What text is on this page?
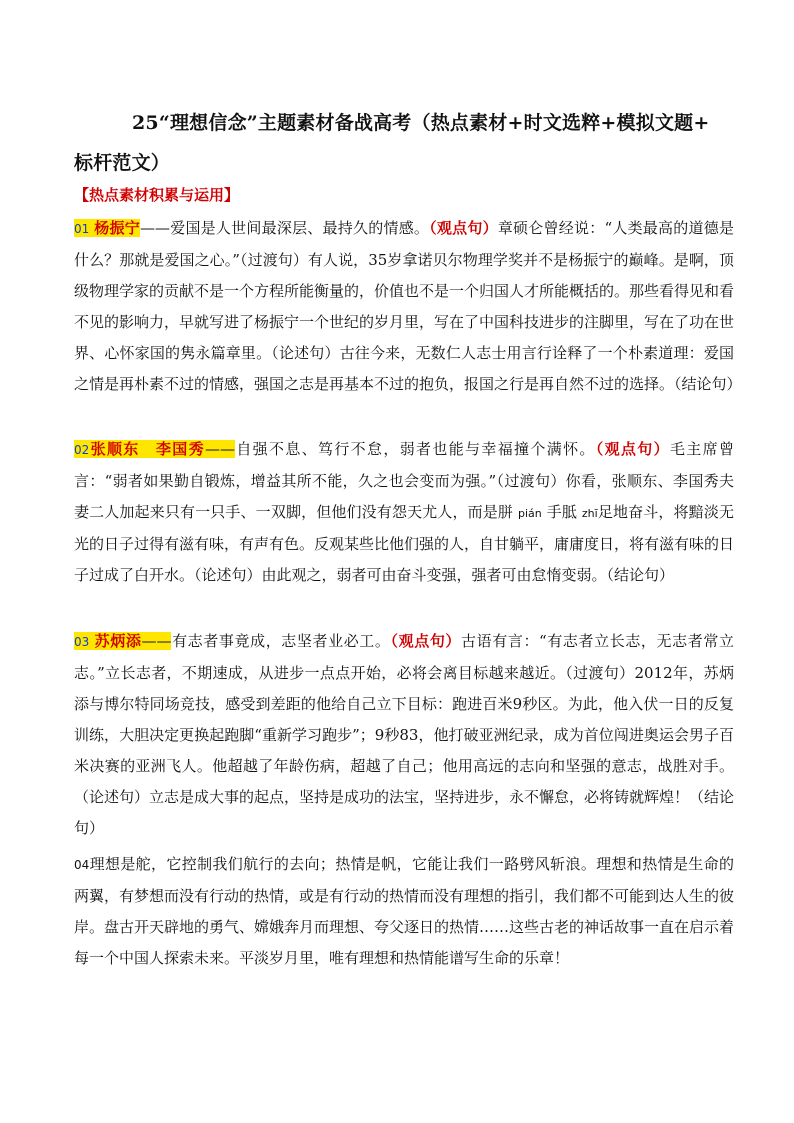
25“理想信念”主题素材备战高考（热点素材+时文选粹+模拟文题+
标杆范文）
【热点素材积累与运用】
01 杨振宁——爱国是人世间最深层、最持久的情感。（观点句）章硕仑曾经说：“人类最高的道德是什么？那就是爱国之心。”（过渡句）有人说，35岁拿诺贝尔物理学奖并不是杨振宁的巅峰。是啊，顶级物理学家的贡献不是一个方程所能衡量的，价值也不是一个归国人才所能概括的。那些看得见和看不见的影响力，早就写进了杨振宁一个世纪的岁月里，写在了中国科技进步的注脚里，写在了功在世界、心怀家国的隽永篇章里。（论述句）古往今来，无数仁人志士用言行诠释了一个朴素道理：爱国之情是再朴素不过的情感，强国之志是再基本不过的抱负，报国之行是再自然不过的选择。（结论句）
02张顺东　李国秀——自强不息、笃行不怠，弱者也能与幸福撞个满怀。（观点句）毛主席曾言：“弱者如果勤自锻炼，增益其所不能，久之也会变而为强。”（过渡句）你看，张顺东、李国秀夫妻二人加起来只有一只手、一双脚，但他们没有怨天尤人，而是胼 pián 手胝 zhī足地奋斗，将黯淡无光的日子过得有滋有味，有声有色。反观某些比他们强的人，自甘躺平，庸庸度日，将有滋有味的日子过成了白开水。（论述句）由此观之，弱者可由奋斗变强，强者可由怠惰变弱。（结论句）
03 苏炳添——有志者事竟成，志坚者业必工。（观点句）古语有言：“有志者立长志，无志者常立志。”立长志者，不期速成，从进步一点点开始，必将会离目标越来越近。（过渡句）2012年，苏炳添与博尔特同场竞技，感受到差距的他给自己立下目标：跑进百米9秒区。为此，他入伏一日的反复训练，大胆决定更换起跑脚“重新学习跑步”；9秒83，他打破亚洲纪录，成为首位闯进奥运会男子百米决赛的亚洲飞人。他超越了年龄伤病，超越了自己；他用高远的志向和坚强的意志，战胜对手。（论述句）立志是成大事的起点，坚持是成功的法宝，坚持进步，永不懈怠，必将铸就辉煌！（结论句）
04理想是舵，它控制我们航行的去向；热情是帆，它能让我们一路劈风斩浪。理想和热情是生命的两翼，有梦想而没有行动的热情，或是有行动的热情而没有理想的指引，我们都不可能到达人生的彼岸。盘古开天辟地的勇气、嫦娥奔月而理想、夸父逐日的热情……这些古老的神话故事一直在启示着每一个中国人探索未来。平淡岁月里，唯有理想和热情能谱写生命的乐章！
